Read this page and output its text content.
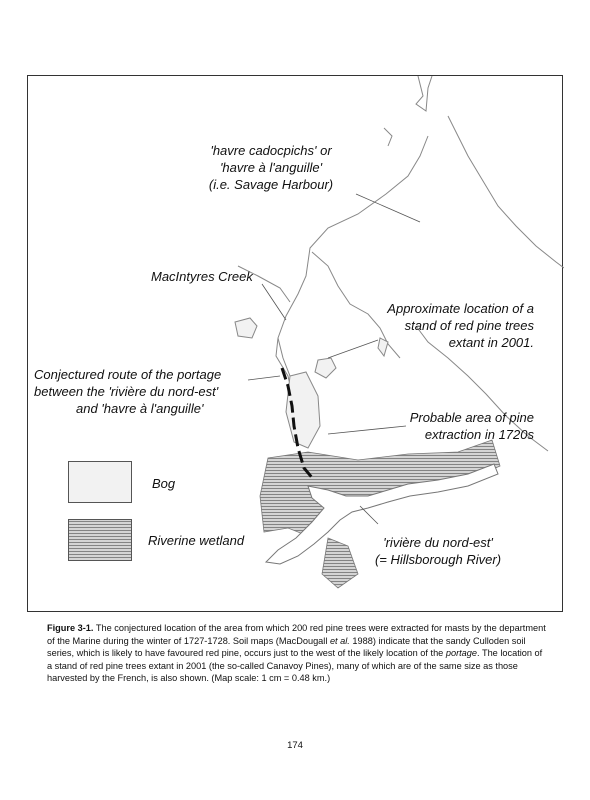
'havre cadocpichs' or
'havre à l'anguille'
(i.e. Savage Harbour)
MacIntyres Creek
Approximate location of a
stand of red pine trees
extant in 2001.
Conjectured route of the portage
between the 'rivière du nord-est'
and 'havre à l'anguille'
Probable area of pine
extraction in 1720s
Bog
Riverine wetland	'rivière du nord-est'
(= Hillsborough River)

Figure 3-1. The conjectured location of the area from which 200 red pine trees were extracted for masts by the department of the Marine during the winter of 1727-1728. Soil maps (MacDougall et al. 1988) indicate that the sandy Culloden soil series, which is likely to have favoured red pine, occurs just to the west of the likely location of the portage. The location of a stand of red pine trees extant in 2001 (the so-called Canavoy Pines), many of which are of the same size as those harvested by the French, is also shown. (Map scale: 1 cm = 0.48 km.)

174
